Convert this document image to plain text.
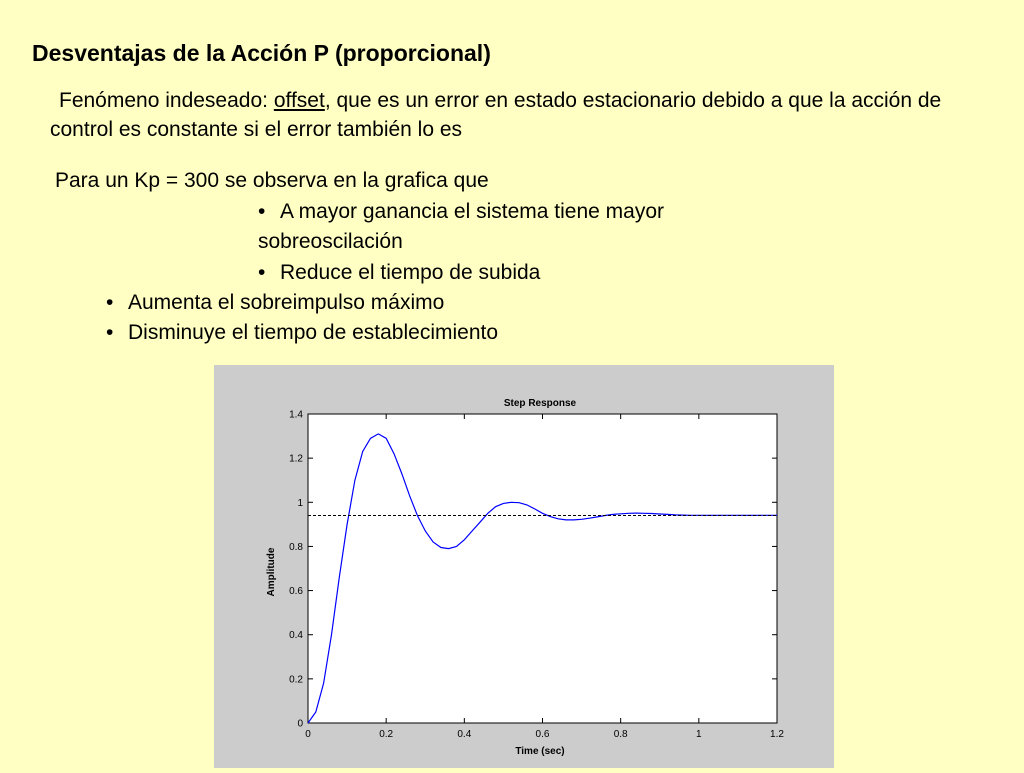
Desventajas de la Acción P (proporcional)

Fenómeno indeseado: offset, que es un error en estado estacionario debido a que la acción de control es constante si el error también lo es

Para un Kp = 300 se observa en la grafica que
• A mayor ganancia el sistema tiene mayor
sobreoscilación
• Reduce el tiempo de subida
• Aumenta el sobreimpulso máximo
• Disminuye el tiempo de establecimiento
Step Response
0	0.2	0.4	0.6	0.8	1	1.2
0
0.2
0.4
0.6
0.8
1
1.2
1.4
Time (sec)
Amplitude
